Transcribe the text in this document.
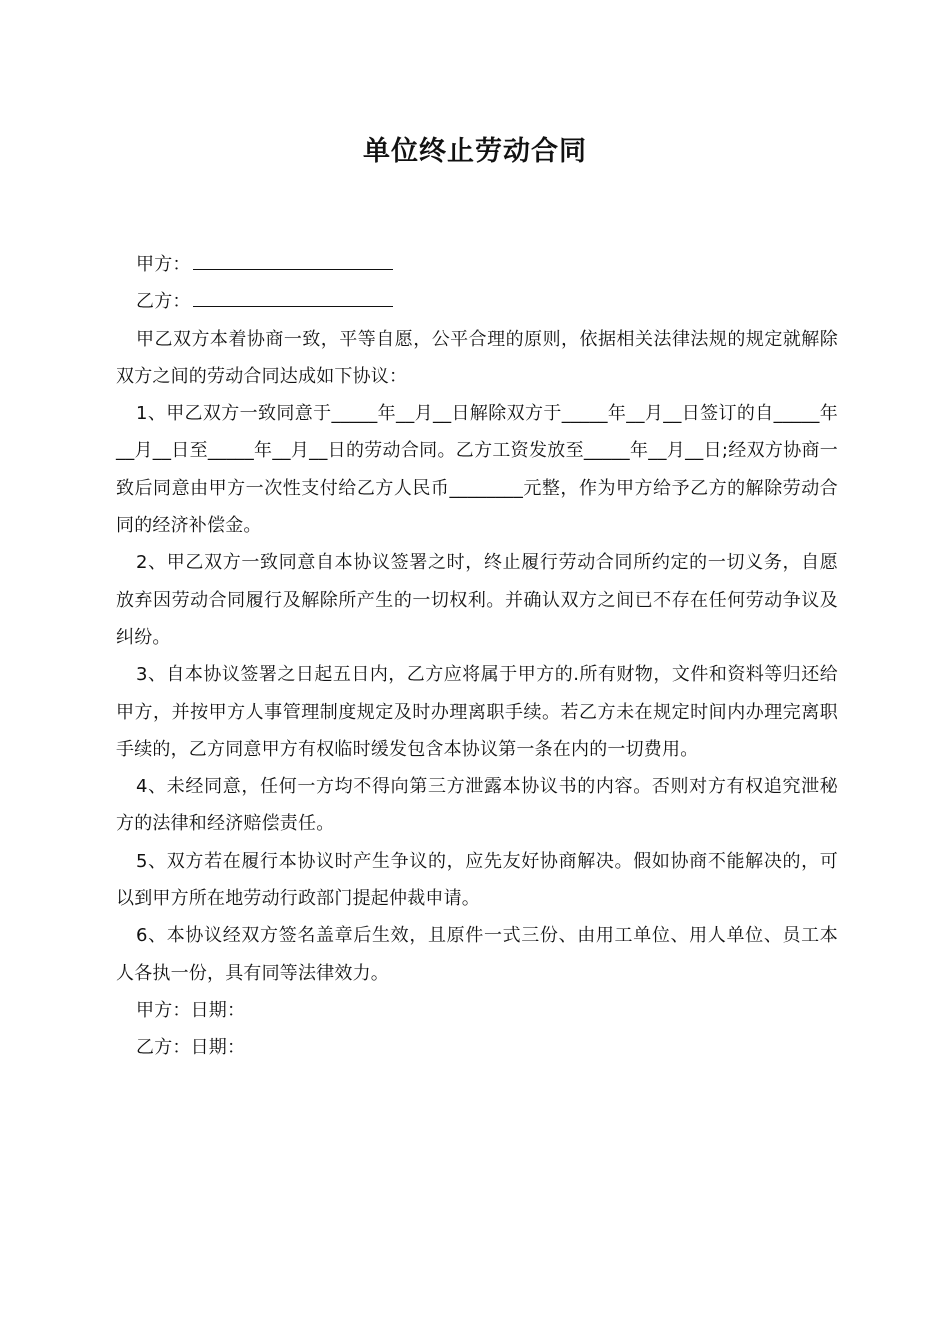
单位终止劳动合同

甲方：

乙方：

甲乙双方本着协商一致，平等自愿，公平合理的原则，依据相关法律法规的规定就解除双方之间的劳动合同达成如下协议：

1、甲乙双方一致同意于_____年__月__日解除双方于_____年__月__日签订的自_____年__月__日至_____年__月__日的劳动合同。乙方工资发放至_____年__月__日;经双方协商一致后同意由甲方一次性支付给乙方人民币________元整，作为甲方给予乙方的解除劳动合同的经济补偿金。

2、甲乙双方一致同意自本协议签署之时，终止履行劳动合同所约定的一切义务，自愿放弃因劳动合同履行及解除所产生的一切权利。并确认双方之间已不存在任何劳动争议及纠纷。

3、自本协议签署之日起五日内，乙方应将属于甲方的.所有财物，文件和资料等归还给甲方，并按甲方人事管理制度规定及时办理离职手续。若乙方未在规定时间内办理完离职手续的，乙方同意甲方有权临时缓发包含本协议第一条在内的一切费用。

4、未经同意，任何一方均不得向第三方泄露本协议书的内容。否则对方有权追究泄秘方的法律和经济赔偿责任。

5、双方若在履行本协议时产生争议的，应先友好协商解决。假如协商不能解决的，可以到甲方所在地劳动行政部门提起仲裁申请。

6、本协议经双方签名盖章后生效，且原件一式三份、由用工单位、用人单位、员工本人各执一份，具有同等法律效力。

甲方：日期：

乙方：日期：
